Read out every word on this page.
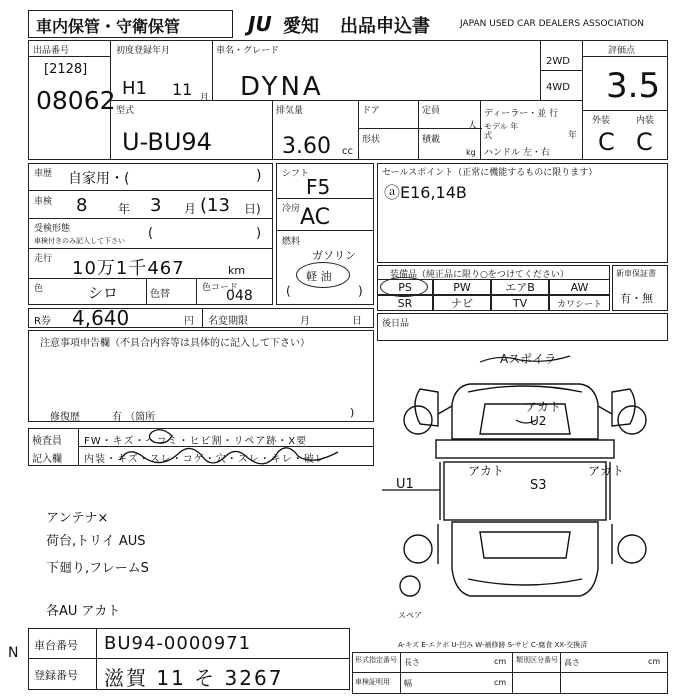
車内保管・守衛保管	JU 愛知 出品申込書	JAPAN USED CAR DEALERS ASSOCIATION
出品番号
[2128]
08062
初度登録年月
H1 11 月
車名・グレード
DYNA
2WD
4WD
評価点
3.5
外装	内装
C C
型式
U-BU94
排気量
3.60 cc
ドア
形状
定員
人
積載
kg
ディーラー・並 行
モデル 年式	年
ハンドル 左・右
車歴 自家用・(	)
車検 8	年 3 月 (13 日)
受検形態
車検付きのみ記入して下さい (	)
走行 10万1千467	km
色	シロ	色替
色コード
048
シフト
F5
冷房 AC
燃料
ガソリン
軽 油
(	)
セールスポイント（正常に機能するものに限ります）
ⓐE16,14B
装備品（純正品に限り○をつけてください）
PS	PW	エアB	AW
SR	ナビ	TV	カワシート
新車保証書
有・無
R券 4,640	円 名変期限	月	日
注意事項申告欄（不具合内容等は具体的に記入して下さい）
修復歴	有 （箇所	)
後日品
検査員
記入欄
FW・キズ・ヘコミ・ヒビ割・リペア跡・X要
内装・キズ・スレ・コゲ・穴・スレ・キレ・破レ
Aスポイラ
アカト
U2
U1
アカト
S3
アカト
スペア
アンテナ×
荷台,トリイ AUS
下廻り,フレームS
各AU アカト
N 車台番号 BU94-0000971
登録番号 滋賀 11 そ 3267
A-キズ E-エクボ U-凹み W-補修跡 S-サビ C-腐食 XX-交換済
形式指定番号 長さ	cm 類別区分番号 高さ	cm
車検証明用 幅	cm
